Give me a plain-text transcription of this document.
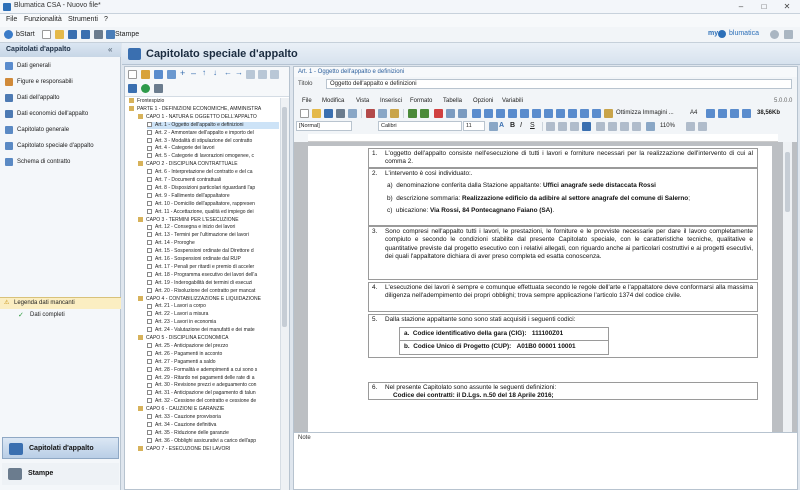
Blumatica CSA - Nuovo file*	–	□	✕
File Funzionalità Strumenti ?
bStart	Stampe	my blumatica
Capitolati d'appalto	«
Dati generali
Figure e responsabili
Dati dell'appalto
Dati economici dell'appalto
Capitolato generale
Capitolato speciale d'appalto
Schema di contratto
⚠ Legenda dati mancanti
✓ Dati completi
Capitolati d'appalto
Stampe
Capitolato speciale d'appalto
+ – ↑ ↓ ← →
Frontespizio
PARTE 1 - DEFINIZIONI ECONOMICHE, AMMINISTRA
CAPO 1 - NATURA E OGGETTO DELL'APPALTO
Art. 1 - Oggetto dell'appalto e definizioni
Art. 2 - Ammontare dell'appalto e importo del
Art. 3 - Modalità di stipulazione del contratto
Art. 4 - Categorie dei lavori
Art. 5 - Categorie di lavorazioni omogenee, c
CAPO 2 - DISCIPLINA CONTRATTUALE
Art. 6 - Interpretazione del contratto e del ca
Art. 7 - Documenti contrattuali
Art. 8 - Disposizioni particolari riguardanti l'ap
Art. 9 - Fallimento dell'appaltatore
Art. 10 - Domicilio dell'appaltatore, rappresen
Art. 11 - Accettazione, qualità ed impiego dei
CAPO 3 - TERMINI PER L'ESECUZIONE
Art. 12 - Consegna e inizio dei lavori
Art. 13 - Termini per l'ultimazione dei lavori
Art. 14 - Proroghe
Art. 15 - Sospensioni ordinate dal Direttore d
Art. 16 - Sospensioni ordinate dal RUP
Art. 17 - Penali per ritardi e premio di acceler
Art. 18 - Programma esecutivo dei lavori dell'a
Art. 19 - Inderogabilità dei termini di esecuzi
Art. 20 - Risoluzione del contratto per mancat
CAPO 4 - CONTABILIZZAZIONE E LIQUIDAZIONE
Art. 21 - Lavori a corpo
Art. 22 - Lavori a misura
Art. 23 - Lavori in economia
Art. 24 - Valutazione dei manufatti e dei mate
CAPO 5 - DISCIPLINA ECONOMICA
Art. 25 - Anticipazione del prezzo
Art. 26 - Pagamenti in acconto
Art. 27 - Pagamenti a saldo
Art. 28 - Formalità e adempimenti a cui sono s
Art. 29 - Ritardo nei pagamenti delle rate di a
Art. 30 - Revisione prezzi e adeguamento con
Art. 31 - Anticipazione del pagamento di talun
Art. 32 - Cessione del contratto e cessione de
CAPO 6 - CAUZIONI E GARANZIE
Art. 33 - Cauzione provvisoria
Art. 34 - Cauzione definitiva
Art. 35 - Riduzione delle garanzie
Art. 36 - Obblighi assicurativi a carico dell'app
CAPO 7 - ESECUZIONE DEI LAVORI
Art. 1 - Oggetto dell'appalto e definizioni
Titolo	Oggetto dell'appalto e definizioni
File Modifica Vista Inserisci Formato Tabella Opzioni Variabili	5.0.0.0
Ottimizza Immagini ...	A4	38,56Kb
[Normal]	Calibri	11	A B I	S	110%
1.	L'oggetto dell'appalto consiste nell'esecuzione di tutti i lavori e forniture necessari per la realizzazione dell'intervento di cui al comma 2.
2.	L'intervento è così individuato:.
a) denominazione conferita dalla Stazione appaltante: Uffici anagrafe sede distaccata Rossi
b) descrizione sommaria: Realizzazione edificio da adibire al settore anagrafe del comune di Salerno;
c) ubicazione: Via Rossi, 84 Pontecagnano Faiano (SA).
3.	Sono compresi nell'appalto tutti i lavori, le prestazioni, le forniture e le provviste necessarie per dare il lavoro completamente compiuto e secondo le condizioni stabilite dal presente Capitolato speciale, con le caratteristiche tecniche, qualitative e quantitative previste dal progetto esecutivo con i relativi allegati, con riguardo anche ai particolari costruttivi e ai progetti esecutivi, dei quali l'appaltatore dichiara di aver preso completa ed esatta conoscenza.
4.	L'esecuzione dei lavori è sempre e comunque effettuata secondo le regole dell'arte e l'appaltatore deve conformarsi alla massima diligenza nell'adempimento dei propri obblighi; trova sempre applicazione l'articolo 1374 del codice civile.
5.	Dalla stazione appaltante sono sono stati acquisiti i seguenti codici:
a. Codice identificativo della gara (CIG): 111100Z01
b. Codice Unico di Progetto (CUP): A01B0 00001 10001
6.	Nel presente Capitolato sono assunte le seguenti definizioni:
Codice dei contratti: il D.Lgs. n.50 del 18 Aprile 2016;
Note
